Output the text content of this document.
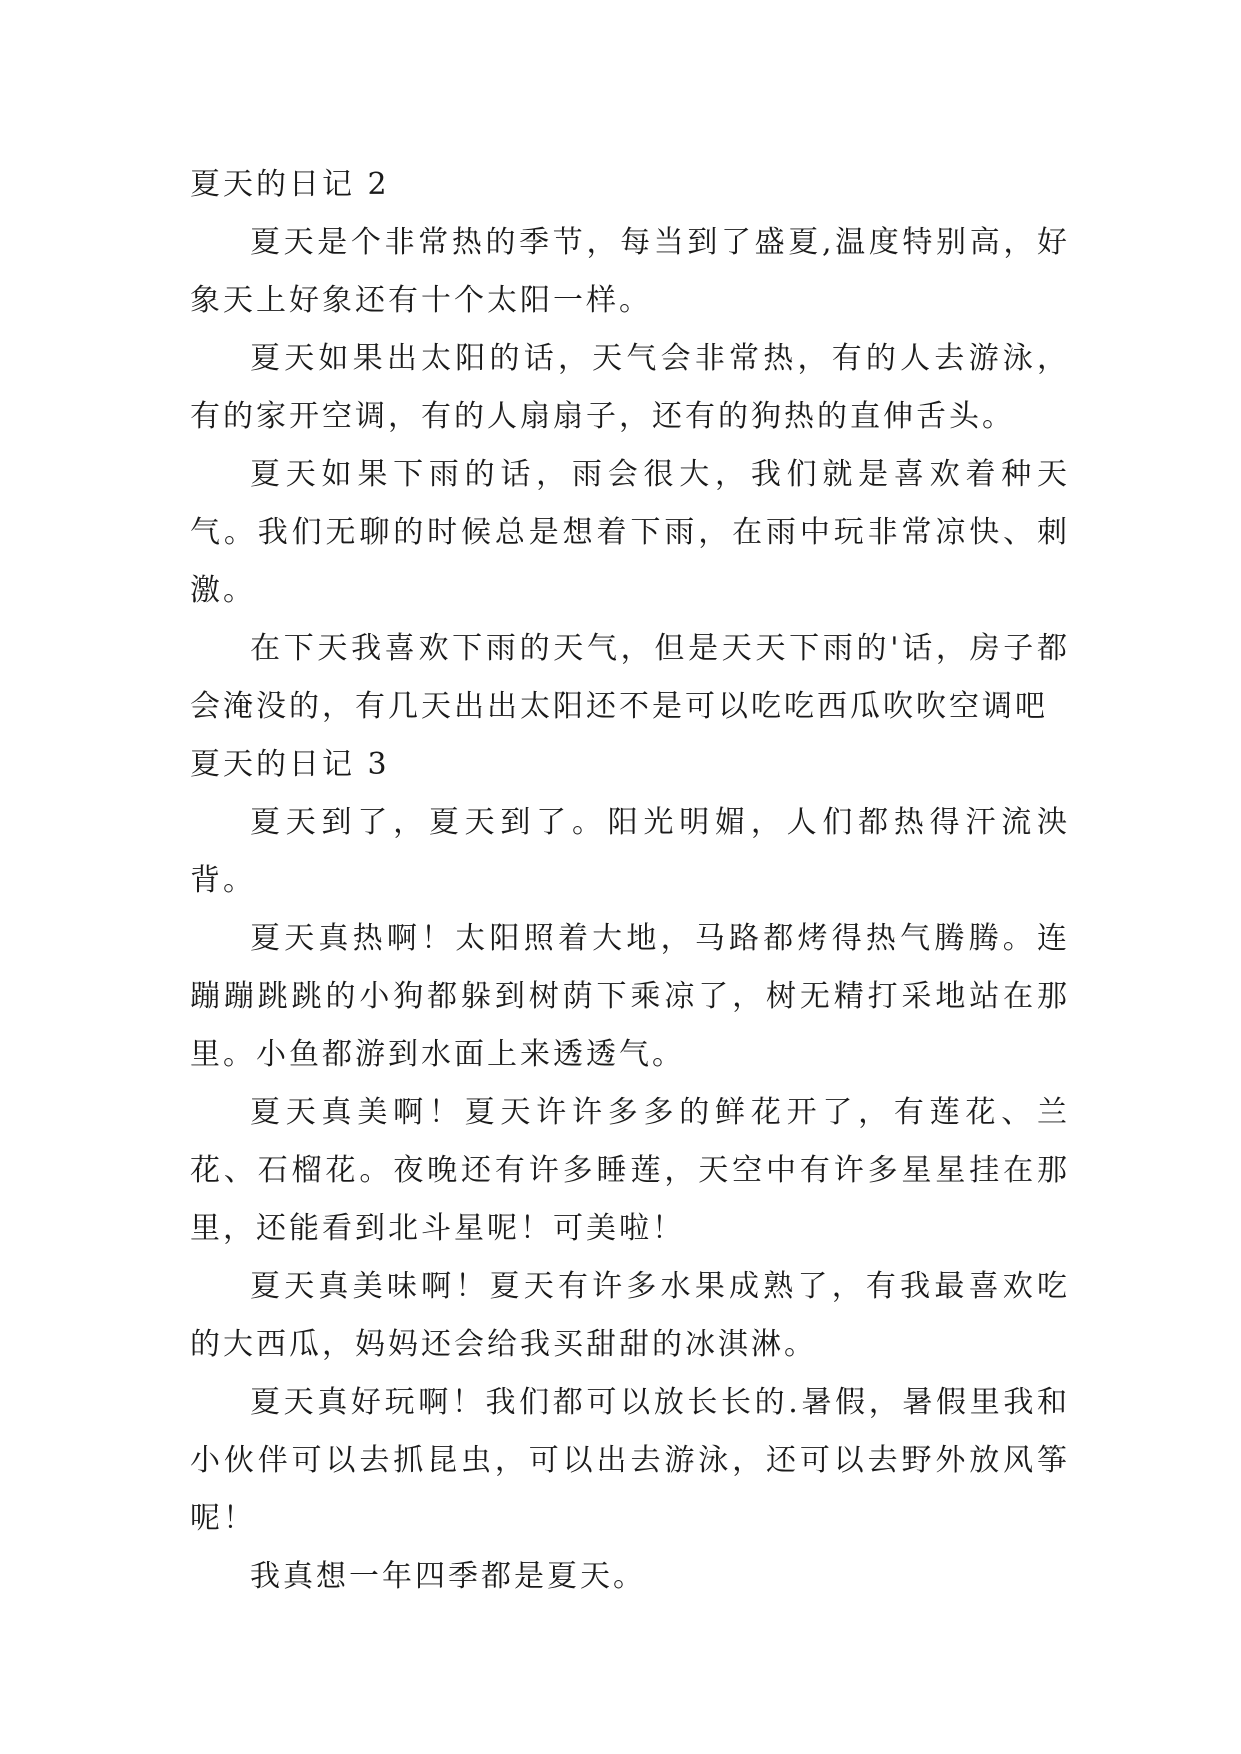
夏天的日记 2

夏天是个非常热的季节，每当到了盛夏,温度特别高，好象天上好象还有十个太阳一样。

夏天如果出太阳的话，天气会非常热，有的人去游泳，有的家开空调，有的人扇扇子，还有的狗热的直伸舌头。

夏天如果下雨的话，雨会很大，我们就是喜欢着种天气。我们无聊的时候总是想着下雨，在雨中玩非常凉快、刺激。

在下天我喜欢下雨的天气，但是天天下雨的'话，房子都会淹没的，有几天出出太阳还不是可以吃吃西瓜吹吹空调吧

夏天的日记 3

夏天到了，夏天到了。阳光明媚，人们都热得汗流泱背。

夏天真热啊！太阳照着大地，马路都烤得热气腾腾。连蹦蹦跳跳的小狗都躲到树荫下乘凉了，树无精打采地站在那里。小鱼都游到水面上来透透气。

夏天真美啊！夏天许许多多的鲜花开了，有莲花、兰花、石榴花。夜晚还有许多睡莲，天空中有许多星星挂在那里，还能看到北斗星呢！可美啦！

夏天真美味啊！夏天有许多水果成熟了，有我最喜欢吃的大西瓜，妈妈还会给我买甜甜的冰淇淋。

夏天真好玩啊！我们都可以放长长的.暑假，暑假里我和小伙伴可以去抓昆虫，可以出去游泳，还可以去野外放风筝呢！

我真想一年四季都是夏天。
